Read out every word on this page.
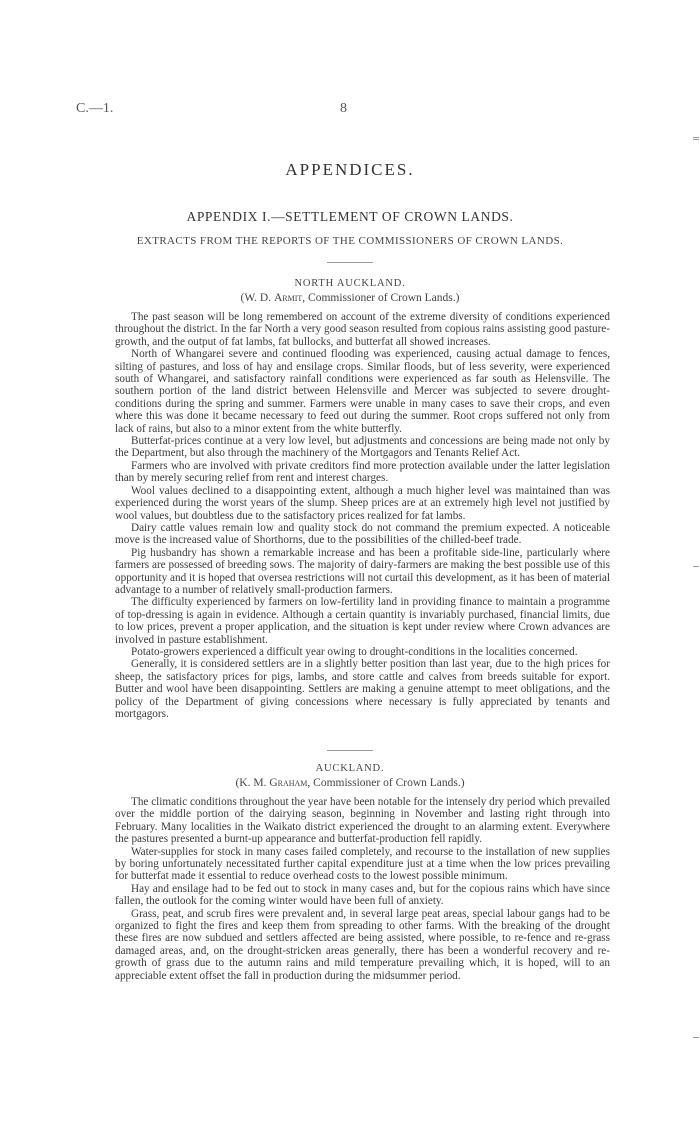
C.—1.	8
APPENDICES.
APPENDIX I.—SETTLEMENT OF CROWN LANDS.
EXTRACTS FROM THE REPORTS OF THE COMMISSIONERS OF CROWN LANDS.
NORTH AUCKLAND.
(W. D. Armit, Commissioner of Crown Lands.)

The past season will be long remembered on account of the extreme diversity of conditions experienced throughout the district. In the far North a very good season resulted from copious rains assisting good pasture-growth, and the output of fat lambs, fat bullocks, and butterfat all showed increases.

North of Whangarei severe and continued flooding was experienced, causing actual damage to fences, silting of pastures, and loss of hay and ensilage crops. Similar floods, but of less severity, were experienced south of Whangarei, and satisfactory rainfall conditions were experienced as far south as Helensville. The southern portion of the land district between Helensville and Mercer was subjected to severe drought-conditions during the spring and summer. Farmers were unable in many cases to save their crops, and even where this was done it became necessary to feed out during the summer. Root crops suffered not only from lack of rains, but also to a minor extent from the white butterfly.

Butterfat-prices continue at a very low level, but adjustments and concessions are being made not only by the Department, but also through the machinery of the Mortgagors and Tenants Relief Act.

Farmers who are involved with private creditors find more protection available under the latter legislation than by merely securing relief from rent and interest charges.

Wool values declined to a disappointing extent, although a much higher level was maintained than was experienced during the worst years of the slump. Sheep prices are at an extremely high level not justified by wool values, but doubtless due to the satisfactory prices realized for fat lambs.

Dairy cattle values remain low and quality stock do not command the premium expected. A noticeable move is the increased value of Shorthorns, due to the possibilities of the chilled-beef trade.

Pig husbandry has shown a remarkable increase and has been a profitable side-line, particularly where farmers are possessed of breeding sows. The majority of dairy-farmers are making the best possible use of this opportunity and it is hoped that oversea restrictions will not curtail this development, as it has been of material advantage to a number of relatively small-production farmers.

The difficulty experienced by farmers on low-fertility land in providing finance to maintain a programme of top-dressing is again in evidence. Although a certain quantity is invariably purchased, financial limits, due to low prices, prevent a proper application, and the situation is kept under review where Crown advances are involved in pasture establishment.

Potato-growers experienced a difficult year owing to drought-conditions in the localities concerned.

Generally, it is considered settlers are in a slightly better position than last year, due to the high prices for sheep, the satisfactory prices for pigs, lambs, and store cattle and calves from breeds suitable for export. Butter and wool have been disappointing. Settlers are making a genuine attempt to meet obligations, and the policy of the Department of giving concessions where necessary is fully appreciated by tenants and mortgagors.

AUCKLAND.
(K. M. Graham, Commissioner of Crown Lands.)

The climatic conditions throughout the year have been notable for the intensely dry period which prevailed over the middle portion of the dairying season, beginning in November and lasting right through into February. Many localities in the Waikato district experienced the drought to an alarming extent. Everywhere the pastures presented a burnt-up appearance and butterfat-production fell rapidly.

Water-supplies for stock in many cases failed completely, and recourse to the installation of new supplies by boring unfortunately necessitated further capital expenditure just at a time when the low prices prevailing for butterfat made it essential to reduce overhead costs to the lowest possible minimum.

Hay and ensilage had to be fed out to stock in many cases and, but for the copious rains which have since fallen, the outlook for the coming winter would have been full of anxiety.

Grass, peat, and scrub fires were prevalent and, in several large peat areas, special labour gangs had to be organized to fight the fires and keep them from spreading to other farms. With the breaking of the drought these fires are now subdued and settlers affected are being assisted, where possible, to re-fence and re-grass damaged areas, and, on the drought-stricken areas generally, there has been a wonderful recovery and re-growth of grass due to the autumn rains and mild temperature prevailing which, it is hoped, will to an appreciable extent offset the fall in production during the midsummer period.
